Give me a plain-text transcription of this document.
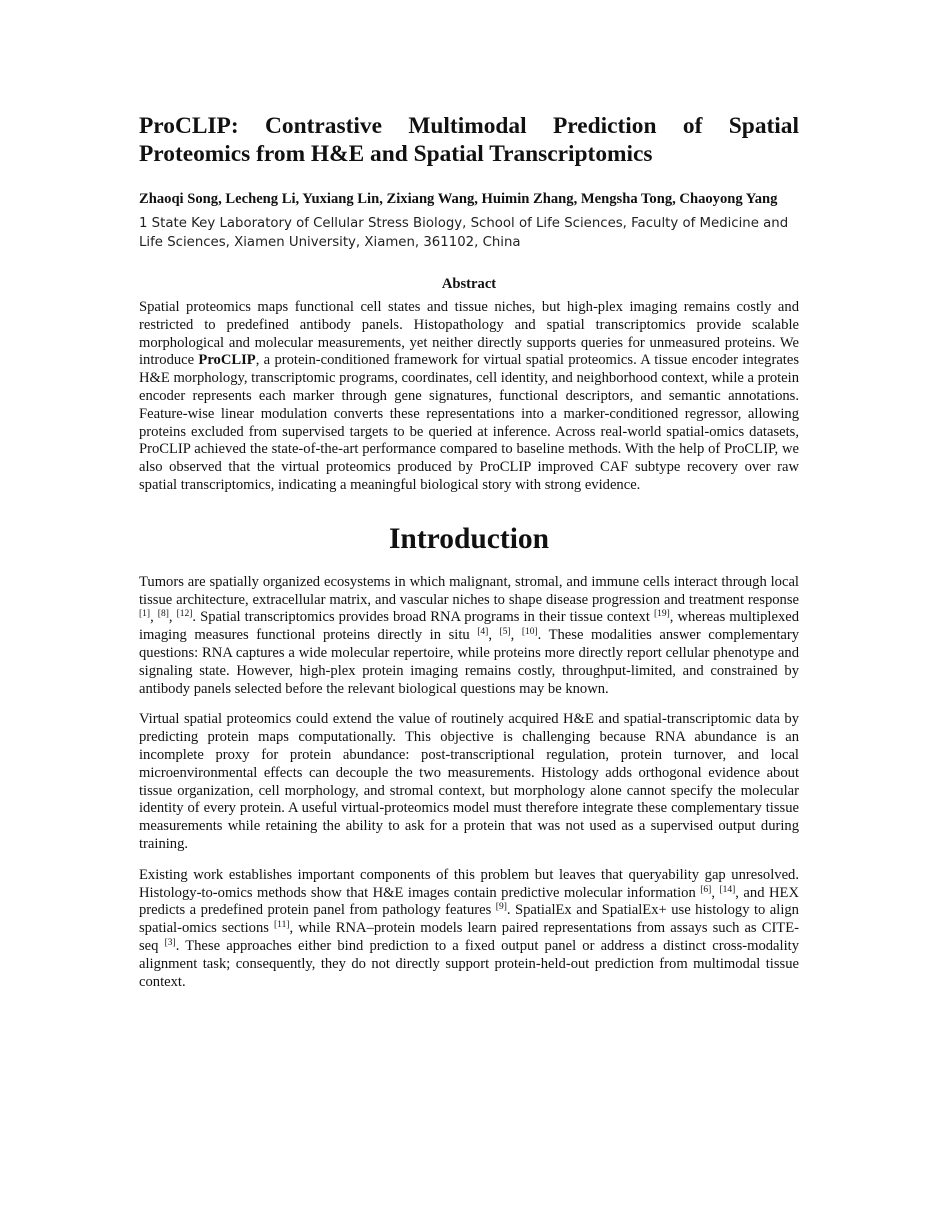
ProCLIP: Contrastive Multimodal Prediction of Spatial Proteomics from H&E and Spatial Transcriptomics

Zhaoqi Song, Lecheng Li, Yuxiang Lin, Zixiang Wang, Huimin Zhang, Mengsha Tong, Chaoyong Yang

1 State Key Laboratory of Cellular Stress Biology, School of Life Sciences, Faculty of Medicine and Life Sciences, Xiamen University, Xiamen, 361102, China

Abstract

Spatial proteomics maps functional cell states and tissue niches, but high-plex imaging remains costly and restricted to predefined antibody panels. Histopathology and spatial transcriptomics provide scalable morphological and molecular measurements, yet neither directly supports queries for unmeasured proteins. We introduce ProCLIP, a protein-conditioned framework for virtual spatial proteomics. A tissue encoder integrates H&E morphology, transcriptomic programs, coordinates, cell identity, and neighborhood context, while a protein encoder represents each marker through gene signatures, functional descriptors, and semantic annotations. Feature-wise linear modulation converts these representations into a marker-conditioned regressor, allowing proteins excluded from supervised targets to be queried at inference. Across real-world spatial-omics datasets, ProCLIP achieved the state-of-the-art performance compared to baseline methods. With the help of ProCLIP, we also observed that the virtual proteomics produced by ProCLIP improved CAF subtype recovery over raw spatial transcriptomics, indicating a meaningful biological story with strong evidence.

Introduction

Tumors are spatially organized ecosystems in which malignant, stromal, and immune cells interact through local tissue architecture, extracellular matrix, and vascular niches to shape disease progression and treatment response [1], [8], [12]. Spatial transcriptomics provides broad RNA programs in their tissue context [19], whereas multiplexed imaging measures functional proteins directly in situ [4], [5], [10]. These modalities answer complementary questions: RNA captures a wide molecular repertoire, while proteins more directly report cellular phenotype and signaling state. However, high-plex protein imaging remains costly, throughput-limited, and constrained by antibody panels selected before the relevant biological questions may be known.

Virtual spatial proteomics could extend the value of routinely acquired H&E and spatial-transcriptomic data by predicting protein maps computationally. This objective is challenging because RNA abundance is an incomplete proxy for protein abundance: post-transcriptional regulation, protein turnover, and local microenvironmental effects can decouple the two measurements. Histology adds orthogonal evidence about tissue organization, cell morphology, and stromal context, but morphology alone cannot specify the molecular identity of every protein. A useful virtual-proteomics model must therefore integrate these complementary tissue measurements while retaining the ability to ask for a protein that was not used as a supervised output during training.

Existing work establishes important components of this problem but leaves that queryability gap unresolved. Histology-to-omics methods show that H&E images contain predictive molecular information [6], [14], and HEX predicts a predefined protein panel from pathology features [9]. SpatialEx and SpatialEx+ use histology to align spatial-omics sections [11], while RNA–protein models learn paired representations from assays such as CITE-seq [3]. These approaches either bind prediction to a fixed output panel or address a distinct cross-modality alignment task; consequently, they do not directly support protein-held-out prediction from multimodal tissue context.
